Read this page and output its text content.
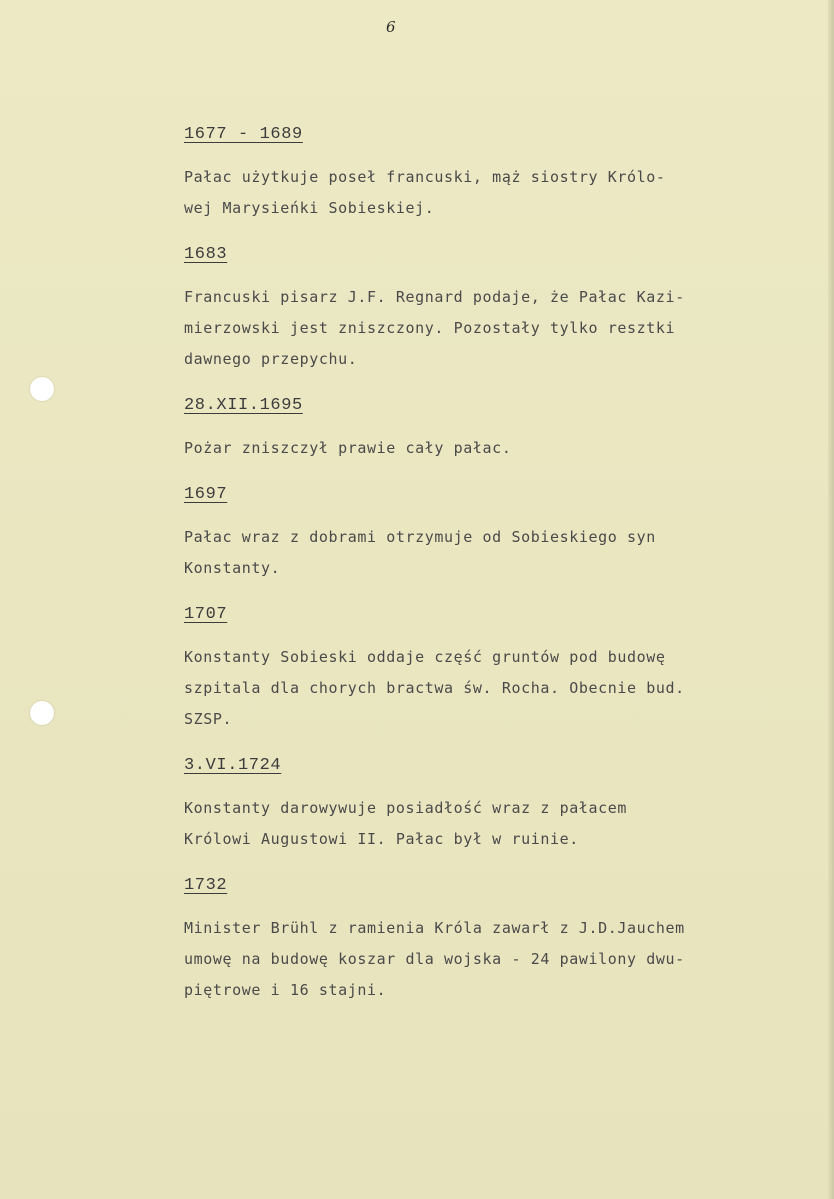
6
1677 - 1689
Pałac użytkuje poseł francuski, mąż siostry Królo-
wej Marysieńki Sobieskiej.
1683
Francuski pisarz J.F. Regnard podaje, że Pałac Kazi-
mierzowski jest zniszczony. Pozostały tylko resztki
dawnego przepychu.
28.XII.1695
Pożar zniszczył prawie cały pałac.
1697
Pałac wraz z dobrami otrzymuje od Sobieskiego syn
Konstanty.
1707
Konstanty Sobieski oddaje część gruntów pod budowę
szpitala dla chorych bractwa św. Rocha. Obecnie bud.
SZSP.
3.VI.1724
Konstanty darowywuje posiadłość wraz z pałacem
Królowi Augustowi II. Pałac był w ruinie.
1732
Minister Brühl z ramienia Króla zawarł z J.D.Jauchem
umowę na budowę koszar dla wojska - 24 pawilony dwu-
piętrowe i 16 stajni.
